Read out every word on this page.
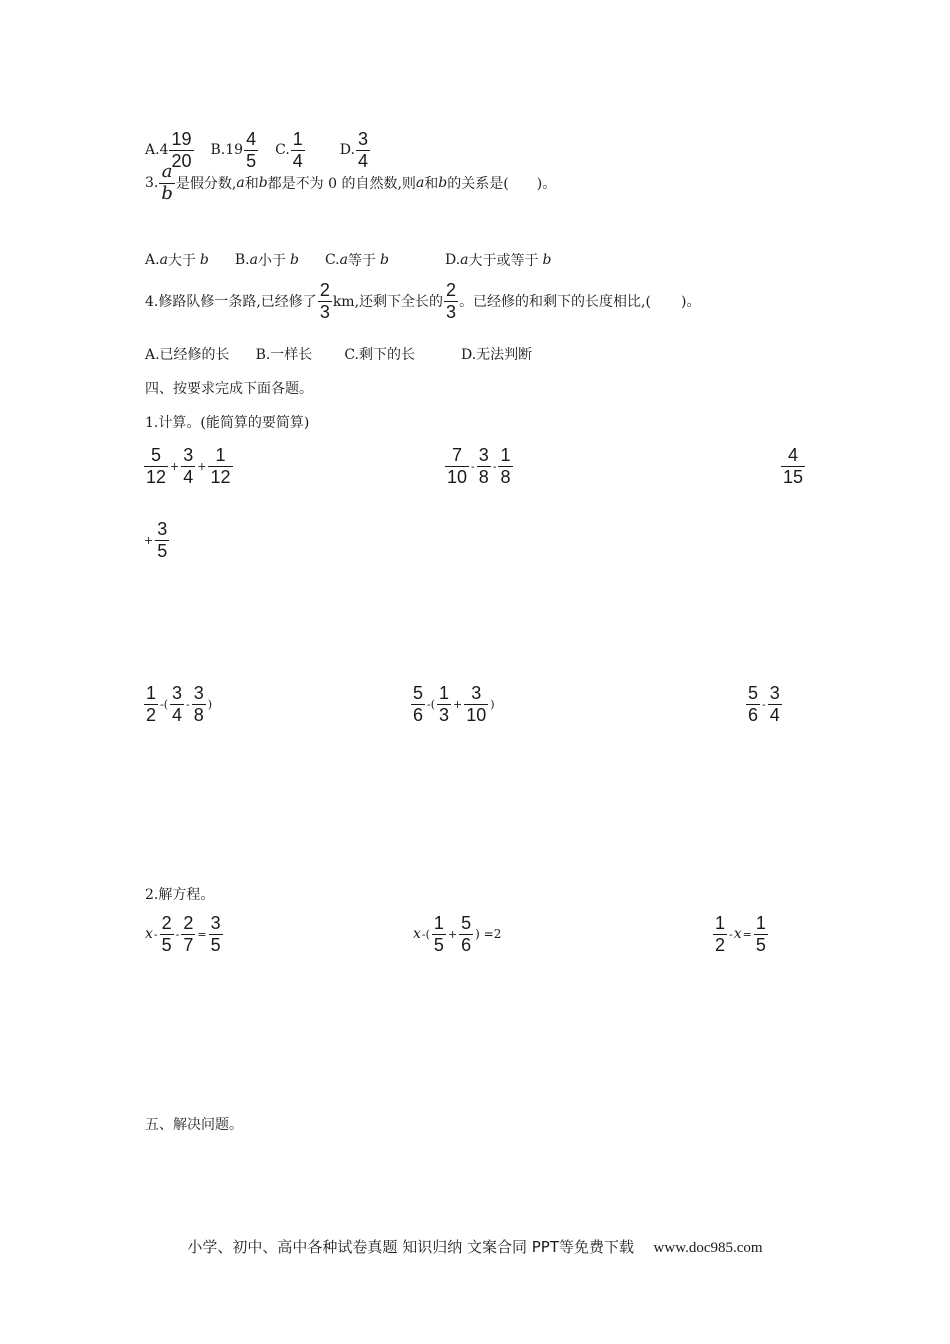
A. 4
19
20
B. 19
4
5
C.
1
4
D.
3
4
3.
a
b 是假分数, a 和 b 都是不为 0 的自然数,则 a 和 b 的关系是( )。
A. a 大于 b B. a 小于 b C. a 等于 b	D. a 大于或等于 b
4.修路队修一条路,已经修了
2
3 km,还剩下全长的
2
3 。已经修的和剩下的长度相比,( )。
A.已经修的长 B.一样长 C.剩下的长	D.无法判断
四、按要求完成下面各题。
1.计算。(能简算的要简算)
5
12
+ $\frac{3}{4} + \frac{1}{12}$	7
10
-
3
8
-
1
8
4
15
+ $\frac{3}{5}$
1
2
-(
3
4
-
3
8
)
5
6
-(
1
3
+ $\frac{3}{10}$ )
5
6
-
3
4
2.解方程。
x -
2
5
- $\frac{2}{7} = \frac{3}{5}$	x -(
1
5
+ $\frac{5}{6}$ ) =2
1
2
- $x = \frac{1}{5}$
五、解决问题。
小学、初中、高中各种试卷真题 知识归纳 文案合同 PPT等免费下载 www.doc985.com
